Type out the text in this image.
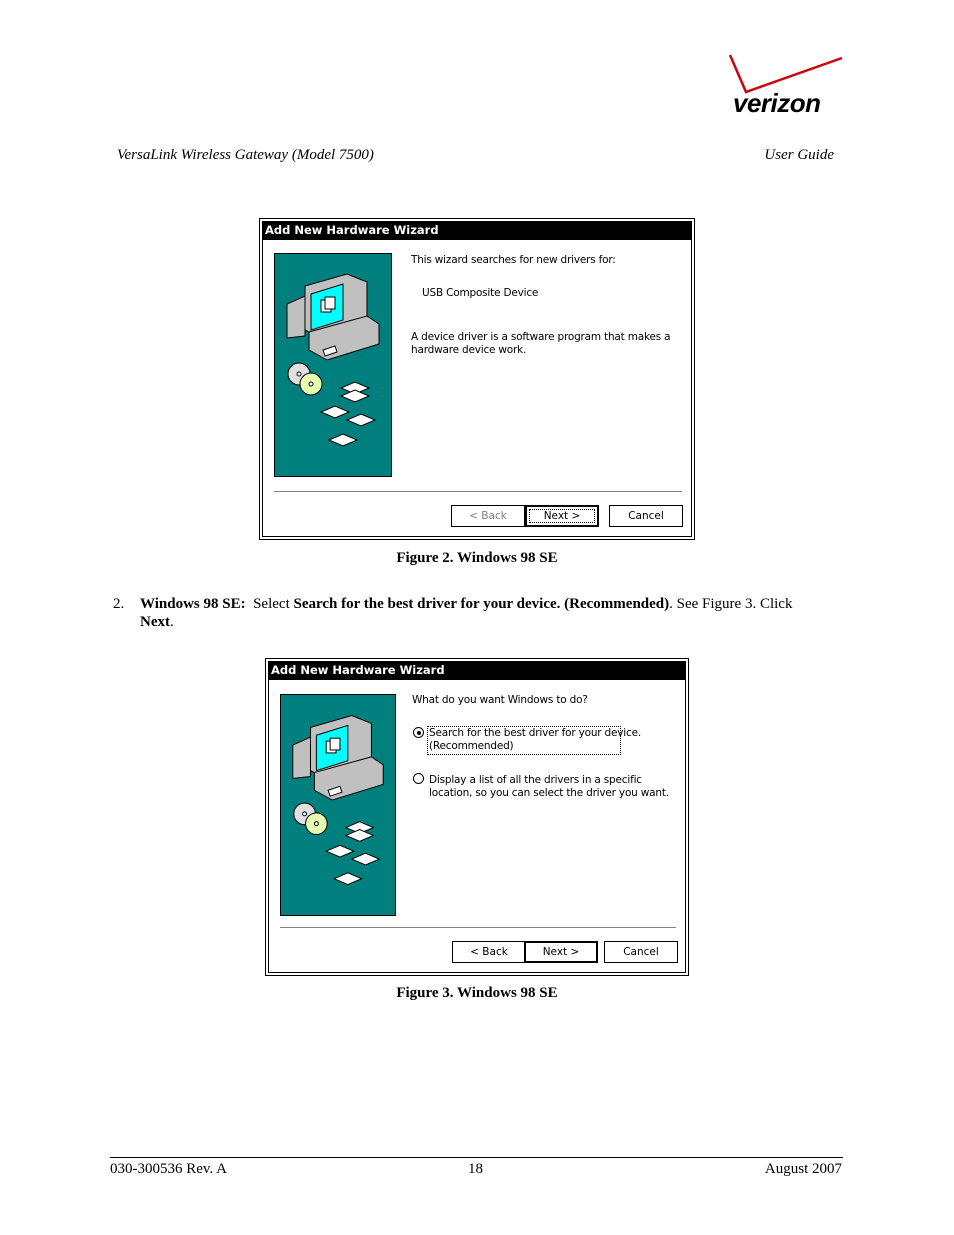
verizon
VersaLink Wireless Gateway (Model 7500)	User Guide
Add New Hardware Wizard
This wizard searches for new drivers for:
USB Composite Device
A device driver is a software program that makes a
hardware device work.
< Back	Next >	Cancel
Figure 2. Windows 98 SE
2. Windows 98 SE: Select Search for the best driver for your device. (Recommended). See Figure 3. Click
Next.
Add New Hardware Wizard
What do you want Windows to do?
Search for the best driver for your device.
(Recommended)
Display a list of all the drivers in a specific
location, so you can select the driver you want.
< Back	Next >	Cancel
Figure 3. Windows 98 SE
030-300536 Rev. A	18	August 2007
